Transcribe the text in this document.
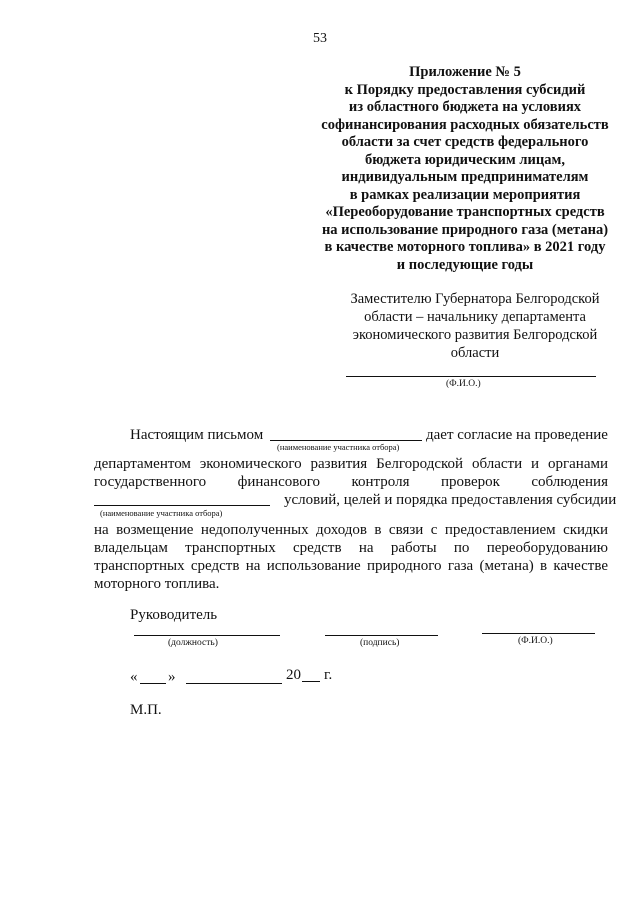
53
Приложение № 5
к Порядку предоставления субсидий
из областного бюджета на условиях
софинансирования расходных обязательств
области за счет средств федерального
бюджета юридическим лицам,
индивидуальным предпринимателям
в рамках реализации мероприятия
«Переоборудование транспортных средств
на использование природного газа (метана)
в качестве моторного топлива» в 2021 году
и последующие годы
Заместителю Губернатора Белгородской
области – начальнику департамента
экономического развития Белгородской
области
(Ф.И.О.)
Настоящим письмом	дает согласие на проведение
(наименование участника отбора)
департаментом экономического развития Белгородской области и органами
государственного финансового контроля проверок соблюдения
условий, целей и порядка предоставления субсидии
(наименование участника отбора)
на возмещение недополученных доходов в связи с предоставлением скидки
владельцам транспортных средств на работы по переоборудованию
транспортных средств на использование природного газа (метана) в качестве
моторного топлива.
Руководитель
(должность)	(подпись)	(Ф.И.О.)
« »	20 г.
М.П.
